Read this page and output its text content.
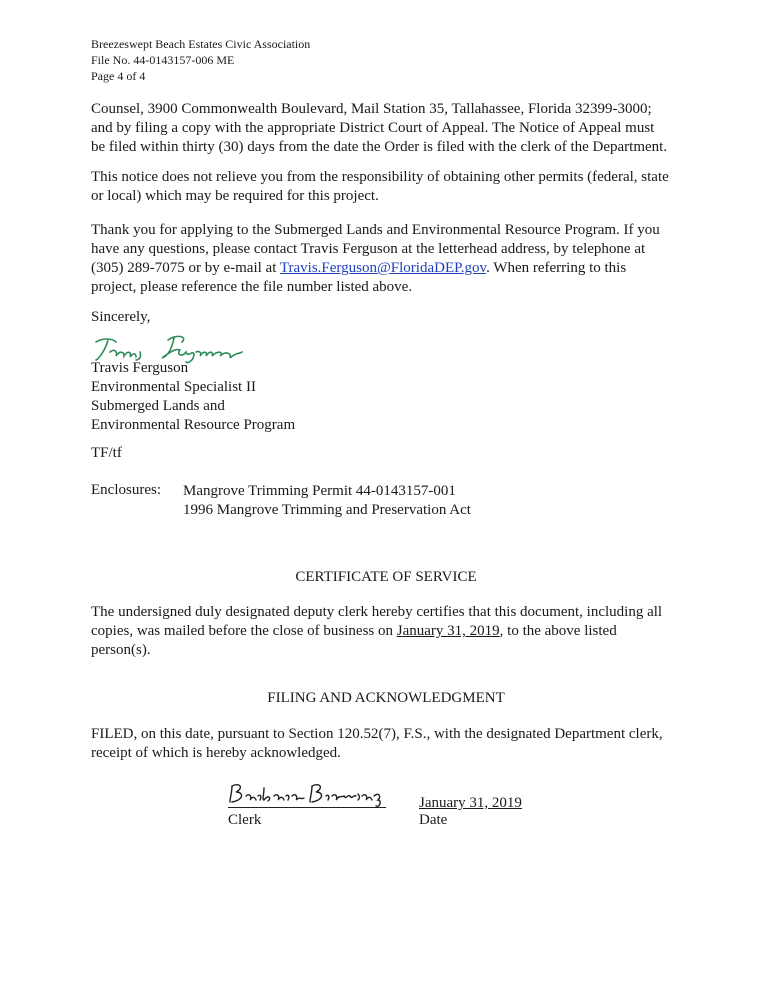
Breezeswept Beach Estates Civic Association
File No. 44-0143157-006 ME
Page 4 of 4
Counsel, 3900 Commonwealth Boulevard, Mail Station 35, Tallahassee, Florida 32399-3000;
and by filing a copy with the appropriate District Court of Appeal. The Notice of Appeal must
be filed within thirty (30) days from the date the Order is filed with the clerk of the Department.
This notice does not relieve you from the responsibility of obtaining other permits (federal, state
or local) which may be required for this project.
Thank you for applying to the Submerged Lands and Environmental Resource Program. If you
have any questions, please contact Travis Ferguson at the letterhead address, by telephone at
(305) 289-7075 or by e-mail at Travis.Ferguson@FloridaDEP.gov. When referring to this
project, please reference the file number listed above.
Sincerely,
Travis Ferguson
Environmental Specialist II
Submerged Lands and
Environmental Resource Program
TF/tf
Enclosures: Mangrove Trimming Permit 44-0143157-001
1996 Mangrove Trimming and Preservation Act
CERTIFICATE OF SERVICE
The undersigned duly designated deputy clerk hereby certifies that this document, including all
copies, was mailed before the close of business on January 31, 2019, to the above listed
person(s).
FILING AND ACKNOWLEDGMENT
FILED, on this date, pursuant to Section 120.52(7), F.S., with the designated Department clerk,
receipt of which is hereby acknowledged.
Clerk
January 31, 2019
Date
